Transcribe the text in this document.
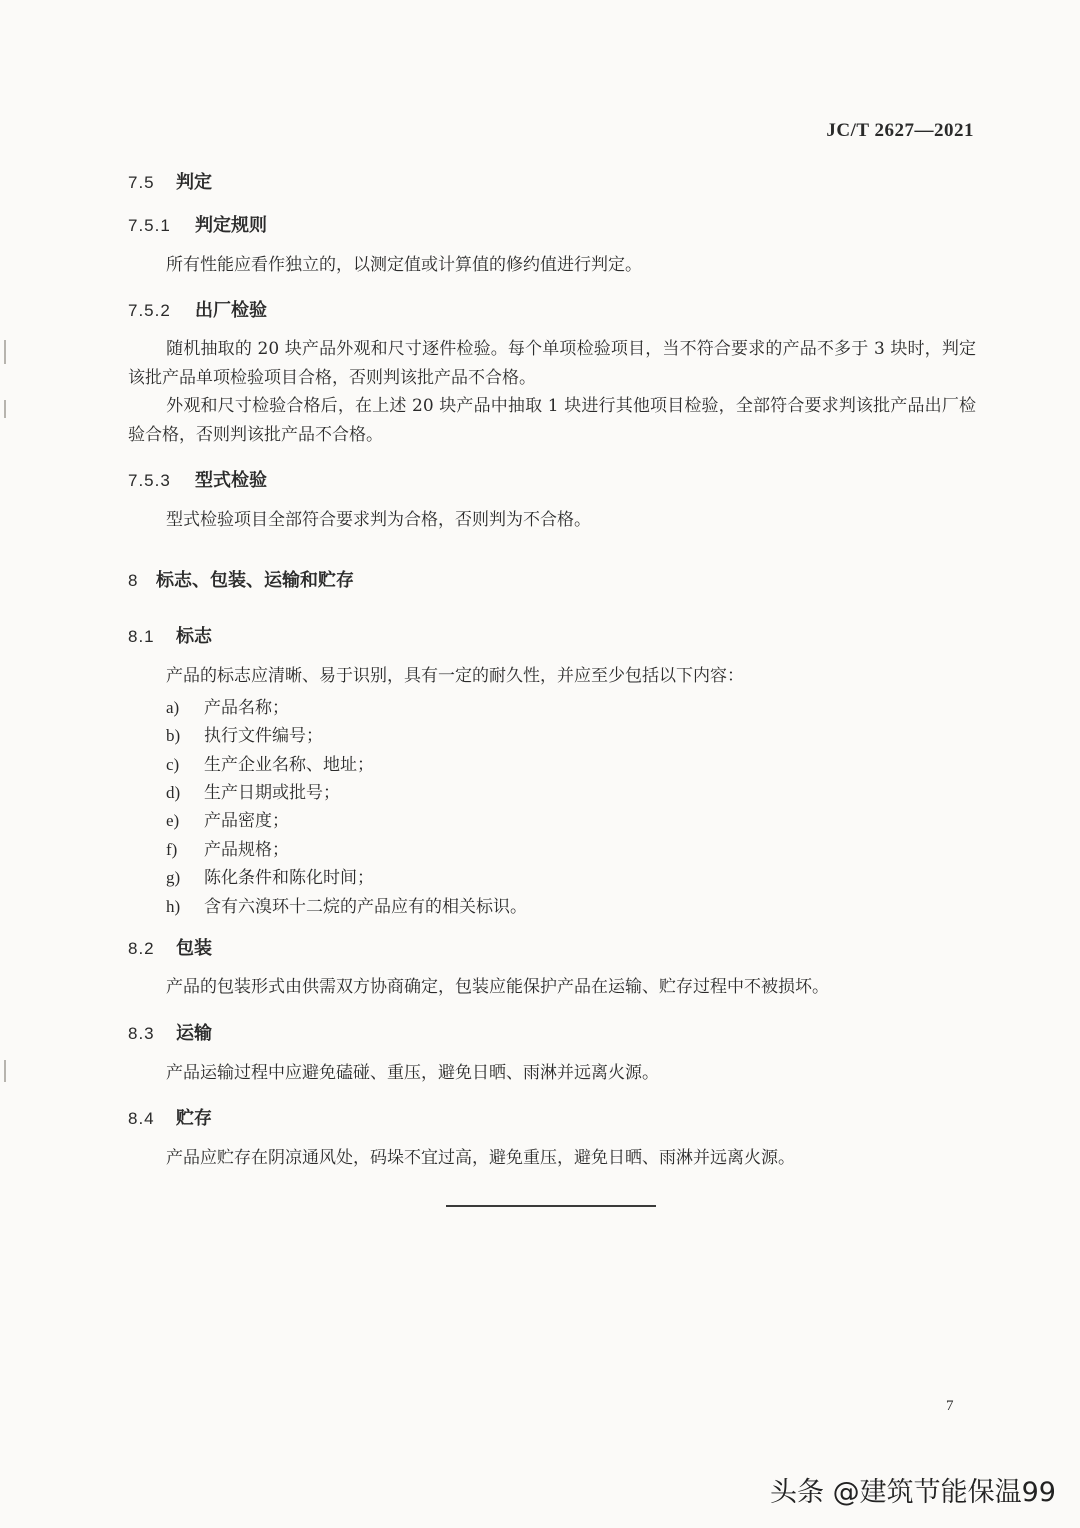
JC/T 2627—2021
7.5 判定
7.5.1 判定规则
所有性能应看作独立的，以测定值或计算值的修约值进行判定。
7.5.2 出厂检验
随机抽取的 20 块产品外观和尺寸逐件检验。每个单项检验项目，当不符合要求的产品不多于 3 块时，判定该批产品单项检验项目合格，否则判该批产品不合格。
外观和尺寸检验合格后，在上述 20 块产品中抽取 1 块进行其他项目检验，全部符合要求判该批产品出厂检验合格，否则判该批产品不合格。
7.5.3 型式检验
型式检验项目全部符合要求判为合格，否则判为不合格。
8 标志、包装、运输和贮存
8.1 标志
产品的标志应清晰、易于识别，具有一定的耐久性，并应至少包括以下内容：
a) 产品名称；
b) 执行文件编号；
c) 生产企业名称、地址；
d) 生产日期或批号；
e) 产品密度；
f) 产品规格；
g) 陈化条件和陈化时间；
h) 含有六溴环十二烷的产品应有的相关标识。
8.2 包装
产品的包装形式由供需双方协商确定，包装应能保护产品在运输、贮存过程中不被损坏。
8.3 运输
产品运输过程中应避免磕碰、重压，避免日晒、雨淋并远离火源。
8.4 贮存
产品应贮存在阴凉通风处，码垛不宜过高，避免重压，避免日晒、雨淋并远离火源。
7
头条 @建筑节能保温99
